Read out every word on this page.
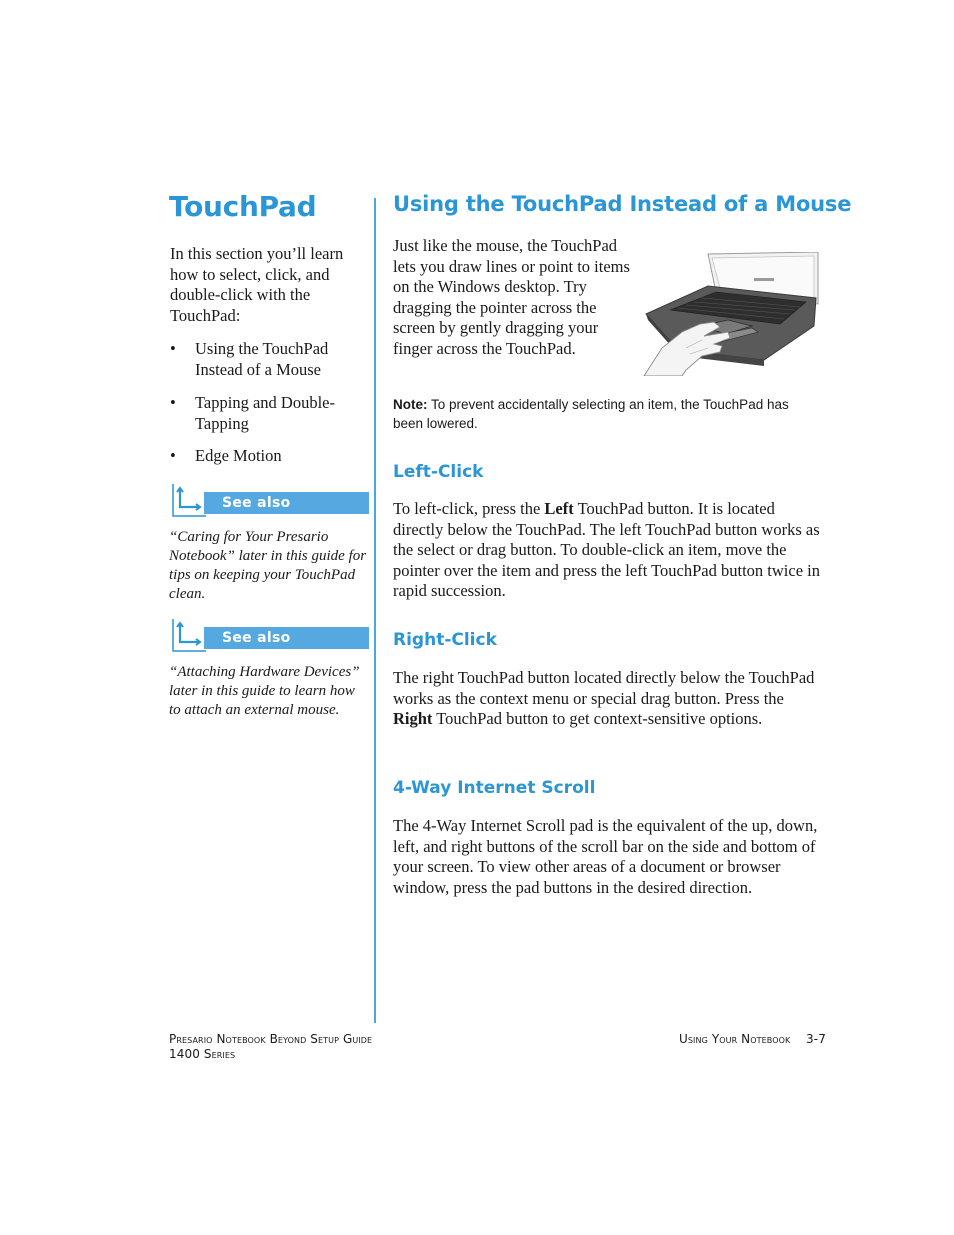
TouchPad
In this section you’ll learn how to select, click, and double-click with the TouchPad:
• Using the TouchPad Instead of a Mouse
• Tapping and Double-Tapping
• Edge Motion
See also
“Caring for Your Presario Notebook” later in this guide for tips on keeping your TouchPad clean.
See also
“Attaching Hardware Devices” later in this guide to learn how to attach an external mouse.
Using the TouchPad Instead of a Mouse
Just like the mouse, the TouchPad lets you draw lines or point to items on the Windows desktop. Try dragging the pointer across the screen by gently dragging your finger across the TouchPad.
Note: To prevent accidentally selecting an item, the TouchPad has been lowered.
Left-Click
To left-click, press the Left TouchPad button. It is located directly below the TouchPad. The left TouchPad button works as the select or drag button. To double-click an item, move the pointer over the item and press the left TouchPad button twice in rapid succession.
Right-Click
The right TouchPad button located directly below the TouchPad works as the context menu or special drag button. Press the Right TouchPad button to get context-sensitive options.
4-Way Internet Scroll
The 4-Way Internet Scroll pad is the equivalent of the up, down, left, and right buttons of the scroll bar on the side and bottom of your screen. To view other areas of a document or browser window, press the pad buttons in the desired direction.
Presario Notebook Beyond Setup Guide
1400 Series
Using Your Notebook    3-7
